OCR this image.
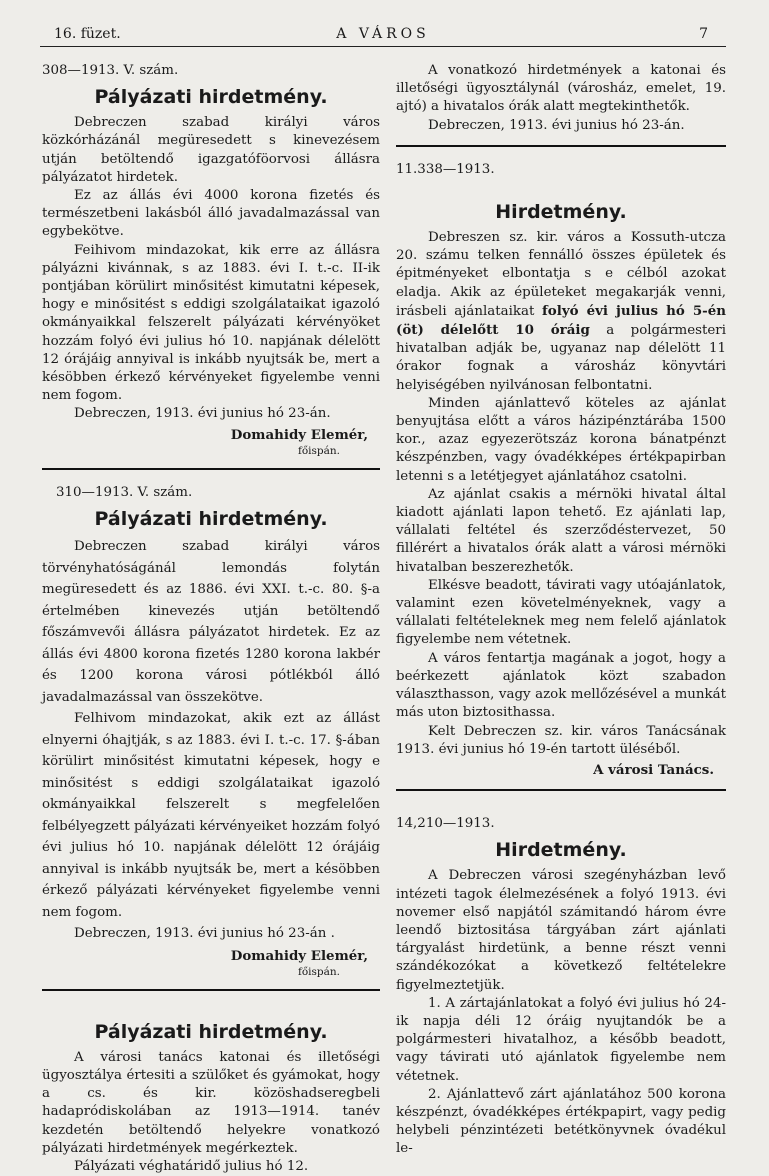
16. füzet.	A VÁROS	7
308—1913. V. szám.
Pályázati hirdetmény.

Debreczen szabad királyi város közkórházánál megüresedett s kinevezésem utján betöltendő igazgatóföorvosi állásra pályázatot hirdetek.

Ez az állás évi 4000 korona fizetés és természetbeni lakásból álló javadalmazással van egybekötve.

Feihivom mindazokat, kik erre az állásra pályázni kivánnak, s az 1883. évi I. t.-c. II-ik pontjában körülirt minősitést kimutatni képesek, hogy e minősitést s eddigi szolgálataikat igazoló okmányaikkal felszerelt pályázati kérvényöket hozzám folyó évi julius hó 10. napjának délelött 12 órájáig annyival is inkább nyujtsák be, mert a késöbben érkező kérvényeket figyelembe venni nem fogom.

Debreczen, 1913. évi junius hó 23-án.

Domahidy Elemér,
főispán.
310—1913. V. szám.
Pályázati hirdetmény.

Debreczen szabad királyi város törvényhatóságánál lemondás folytán megüresedett és az 1886. évi XXI. t.-c. 80. §-a értelmében kinevezés utján betöltendő főszámvevői állásra pályázatot hirdetek. Ez az állás évi 4800 korona fizetés 1280 korona lakbér és 1200 korona városi pótlékból álló javadalmazással van összekötve.

Felhivom mindazokat, akik ezt az állást elnyerni óhajtják, s az 1883. évi I. t.-c. 17. §-ában körülirt minősitést kimutatni képesek, hogy e minősitést s eddigi szolgálataikat igazoló okmányaikkal felszerelt s megfelelően felbélyegzett pályázati kérvényeiket hozzám folyó évi julius hó 10. napjának délelött 12 órájáig annyival is inkább nyujtsák be, mert a késöbben érkező pályázati kérvényeket figyelembe venni nem fogom.

Debreczen, 1913. évi junius hó 23-án .

Domahidy Elemér,
főispán.
Pályázati hirdetmény.

A városi tanács katonai és illetőségi ügyosztálya értesiti a szülőket és gyámokat, hogy a cs. és kir. közöshadseregbeli hadapródiskolában az 1913—1914. tanév kezdetén betöltendő helyekre vonatkozó pályázati hirdetmények megérkeztek.

Pályázati véghatáridő julius hó 12.

A vonatkozó hirdetmények a katonai és illetőségi ügyosztálynál (városház, emelet, 19. ajtó) a hivatalos órák alatt megtekinthetők.

Debreczen, 1913. évi junius hó 23-án.

11.338—1913.
Hirdetmény.

Debreszen sz. kir. város a Kossuth-utcza 20. számu telken fennálló összes épületek és épitményeket elbontatja s e célból azokat eladja. Akik az épületeket megakarják venni, irásbeli ajánlataikat folyó évi julius hó 5-én (öt) délelőtt 10 óráig a polgármesteri hivatalban adják be, ugyanaz nap délelött 11 órakor fognak a városház könyvtári helyiségében nyilvánosan felbontatni.

Minden ajánlattevő köteles az ajánlat benyujtása előtt a város házipénztárába 1500 kor., azaz egyezerötszáz korona bánatpénzt készpénzben, vagy óvadékképes értékpapirban letenni s a letétjegyet ajánlatához csatolni.

Az ajánlat csakis a mérnöki hivatal által kiadott ajánlati lapon tehető. Ez ajánlati lap, vállalati feltétel és szerződéstervezet, 50 fillérért a hivatalos órák alatt a városi mérnöki hivatalban beszerezhetők.

Elkésve beadott, távirati vagy utóajánlatok, valamint ezen követelményeknek, vagy a vállalati feltételeknek meg nem felelő ajánlatok figyelembe nem vétetnek.

A város fentartja magának a jogot, hogy a beérkezett ajánlatok közt szabadon választhasson, vagy azok mellőzésével a munkát más uton biztosithassa.

Kelt Debreczen sz. kir. város Tanácsának 1913. évi junius hó 19-én tartott üléséből.

A városi Tanács.
14,210—1913.
Hirdetmény.

A Debreczen városi szegényházban levő intézeti tagok élelmezésének a folyó 1913. évi novemer első napjától számitandó három évre leendő biztositása tárgyában zárt ajánlati tárgyalást hirdetünk, a benne részt venni szándékozókat a következő feltételekre figyelmeztetjük.

1. A zártajánlatokat a folyó évi julius hó 24-ik napja déli 12 óráig nyujtandók be a polgármesteri hivatalhoz, a később beadott, vagy távirati utó ajánlatok figyelembe nem vétetnek.

2. Ajánlattevő zárt ajánlatához 500 korona készpénzt, óvadékképes értékpapirt, vagy pedig helybeli pénzintézeti betétkönyvnek óvadékul le-
